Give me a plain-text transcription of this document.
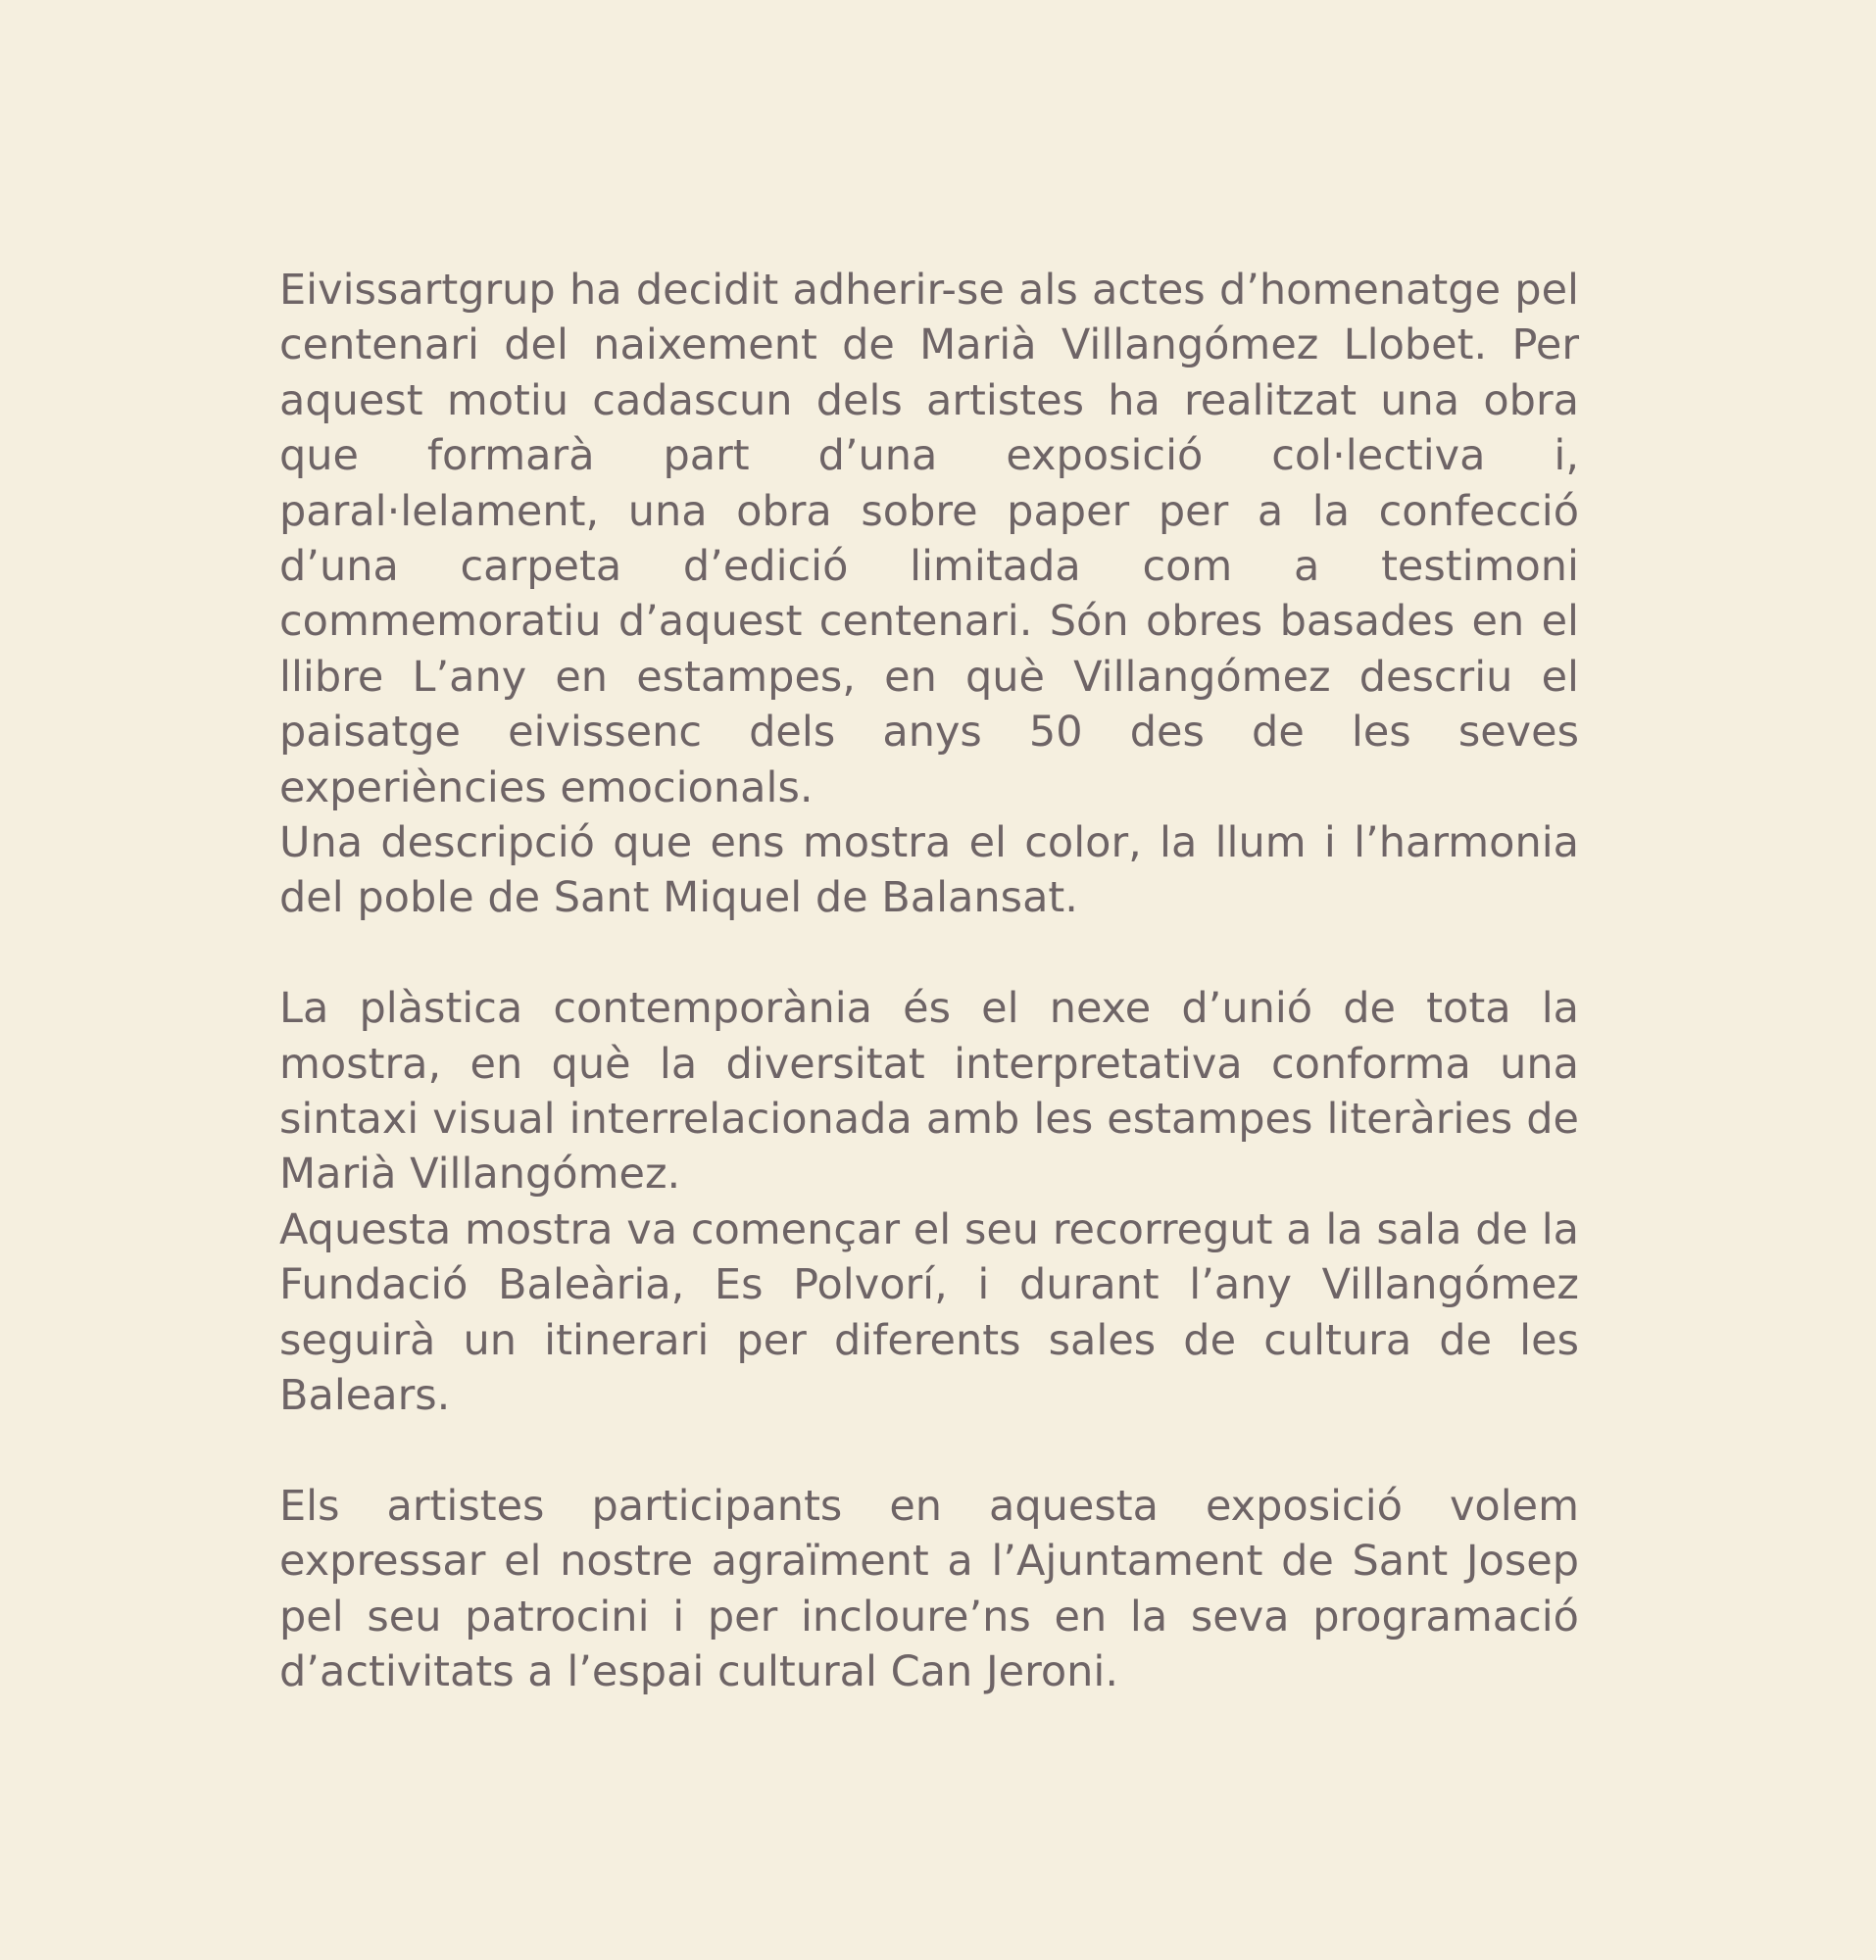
Eivissartgrup ha decidit adherir-se als actes d’homenatge pel centenari del naixement de Marià Villangómez Llobet. Per aquest motiu cadascun dels artistes ha realitzat una obra que formarà part d’una exposició col·lectiva i, paral·lelament, una obra sobre paper per a la confecció d’una carpeta d’edició limitada com a testimoni commemoratiu d’aquest centenari. Són obres basades en el llibre L’any en estampes, en què Villangómez descriu el paisatge eivissenc dels anys 50 des de les seves experiències emocionals.

Una descripció que ens mostra el color, la llum i l’harmonia del poble de Sant Miquel de Balansat.

La plàstica contemporània és el nexe d’unió de tota la mostra, en què la diversitat interpretativa conforma una sintaxi visual interrelacionada amb les estampes literàries de Marià Villangómez.

Aquesta mostra va començar el seu recorregut a la sala de la Fundació Baleària, Es Polvorí, i durant l’any Villangómez seguirà un itinerari per diferents sales de cultura de les Balears.

Els artistes participants en aquesta exposició volem expressar el nostre agraïment a l’Ajuntament de Sant Josep pel seu patrocini i per incloure’ns en la seva programació d’activitats a l’espai cultural Can Jeroni.
